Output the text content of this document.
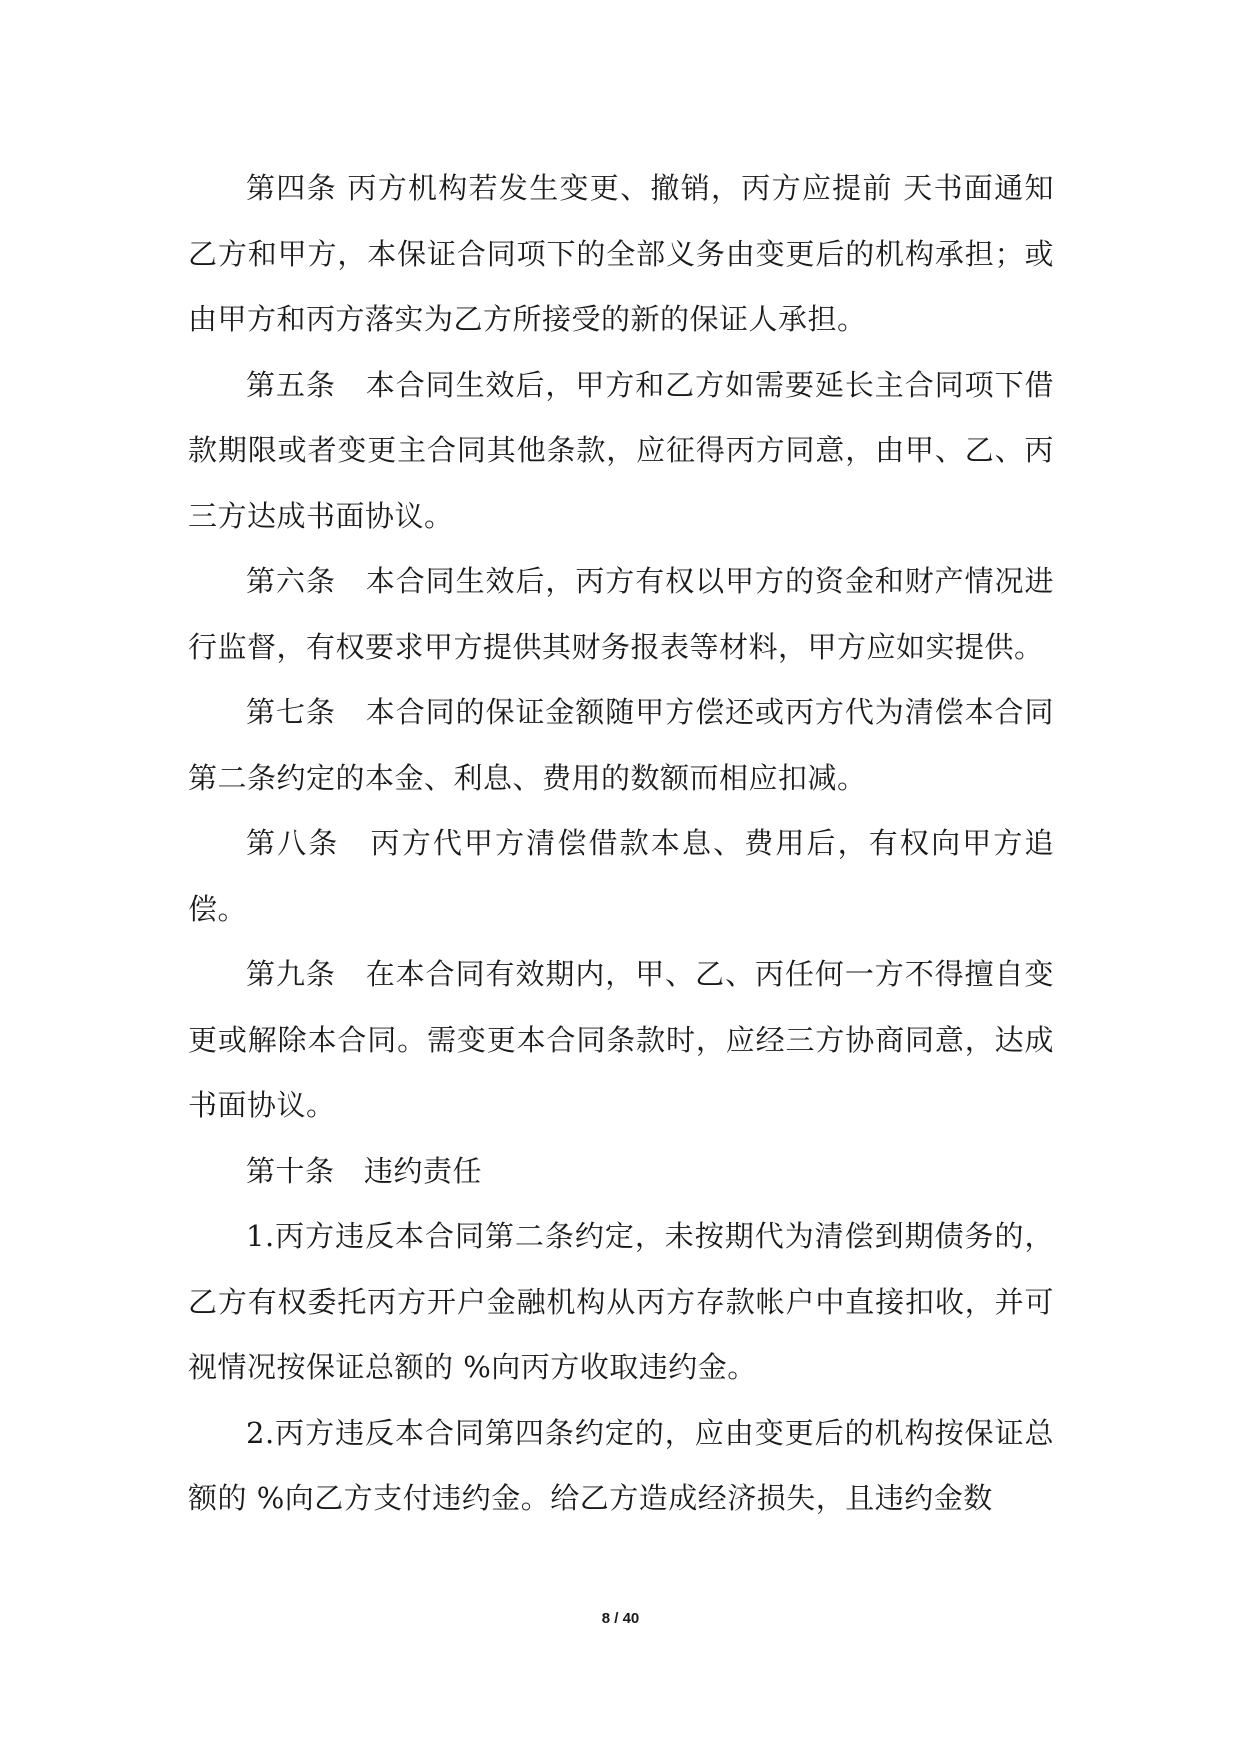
第四条 丙方机构若发生变更、撤销，丙方应提前 天书面通知乙方和甲方，本保证合同项下的全部义务由变更后的机构承担；或由甲方和丙方落实为乙方所接受的新的保证人承担。

第五条　本合同生效后，甲方和乙方如需要延长主合同项下借款期限或者变更主合同其他条款，应征得丙方同意，由甲、乙、丙三方达成书面协议。

第六条　本合同生效后，丙方有权以甲方的资金和财产情况进行监督，有权要求甲方提供其财务报表等材料，甲方应如实提供。

第七条　本合同的保证金额随甲方偿还或丙方代为清偿本合同第二条约定的本金、利息、费用的数额而相应扣减。

第八条　丙方代甲方清偿借款本息、费用后，有权向甲方追偿。

第九条　在本合同有效期内，甲、乙、丙任何一方不得擅自变更或解除本合同。需变更本合同条款时，应经三方协商同意，达成书面协议。

第十条　违约责任

1.丙方违反本合同第二条约定，未按期代为清偿到期债务的，乙方有权委托丙方开户金融机构从丙方存款帐户中直接扣收，并可视情况按保证总额的 %向丙方收取违约金。

2.丙方违反本合同第四条约定的，应由变更后的机构按保证总额的 %向乙方支付违约金。给乙方造成经济损失，且违约金数

8 / 40
